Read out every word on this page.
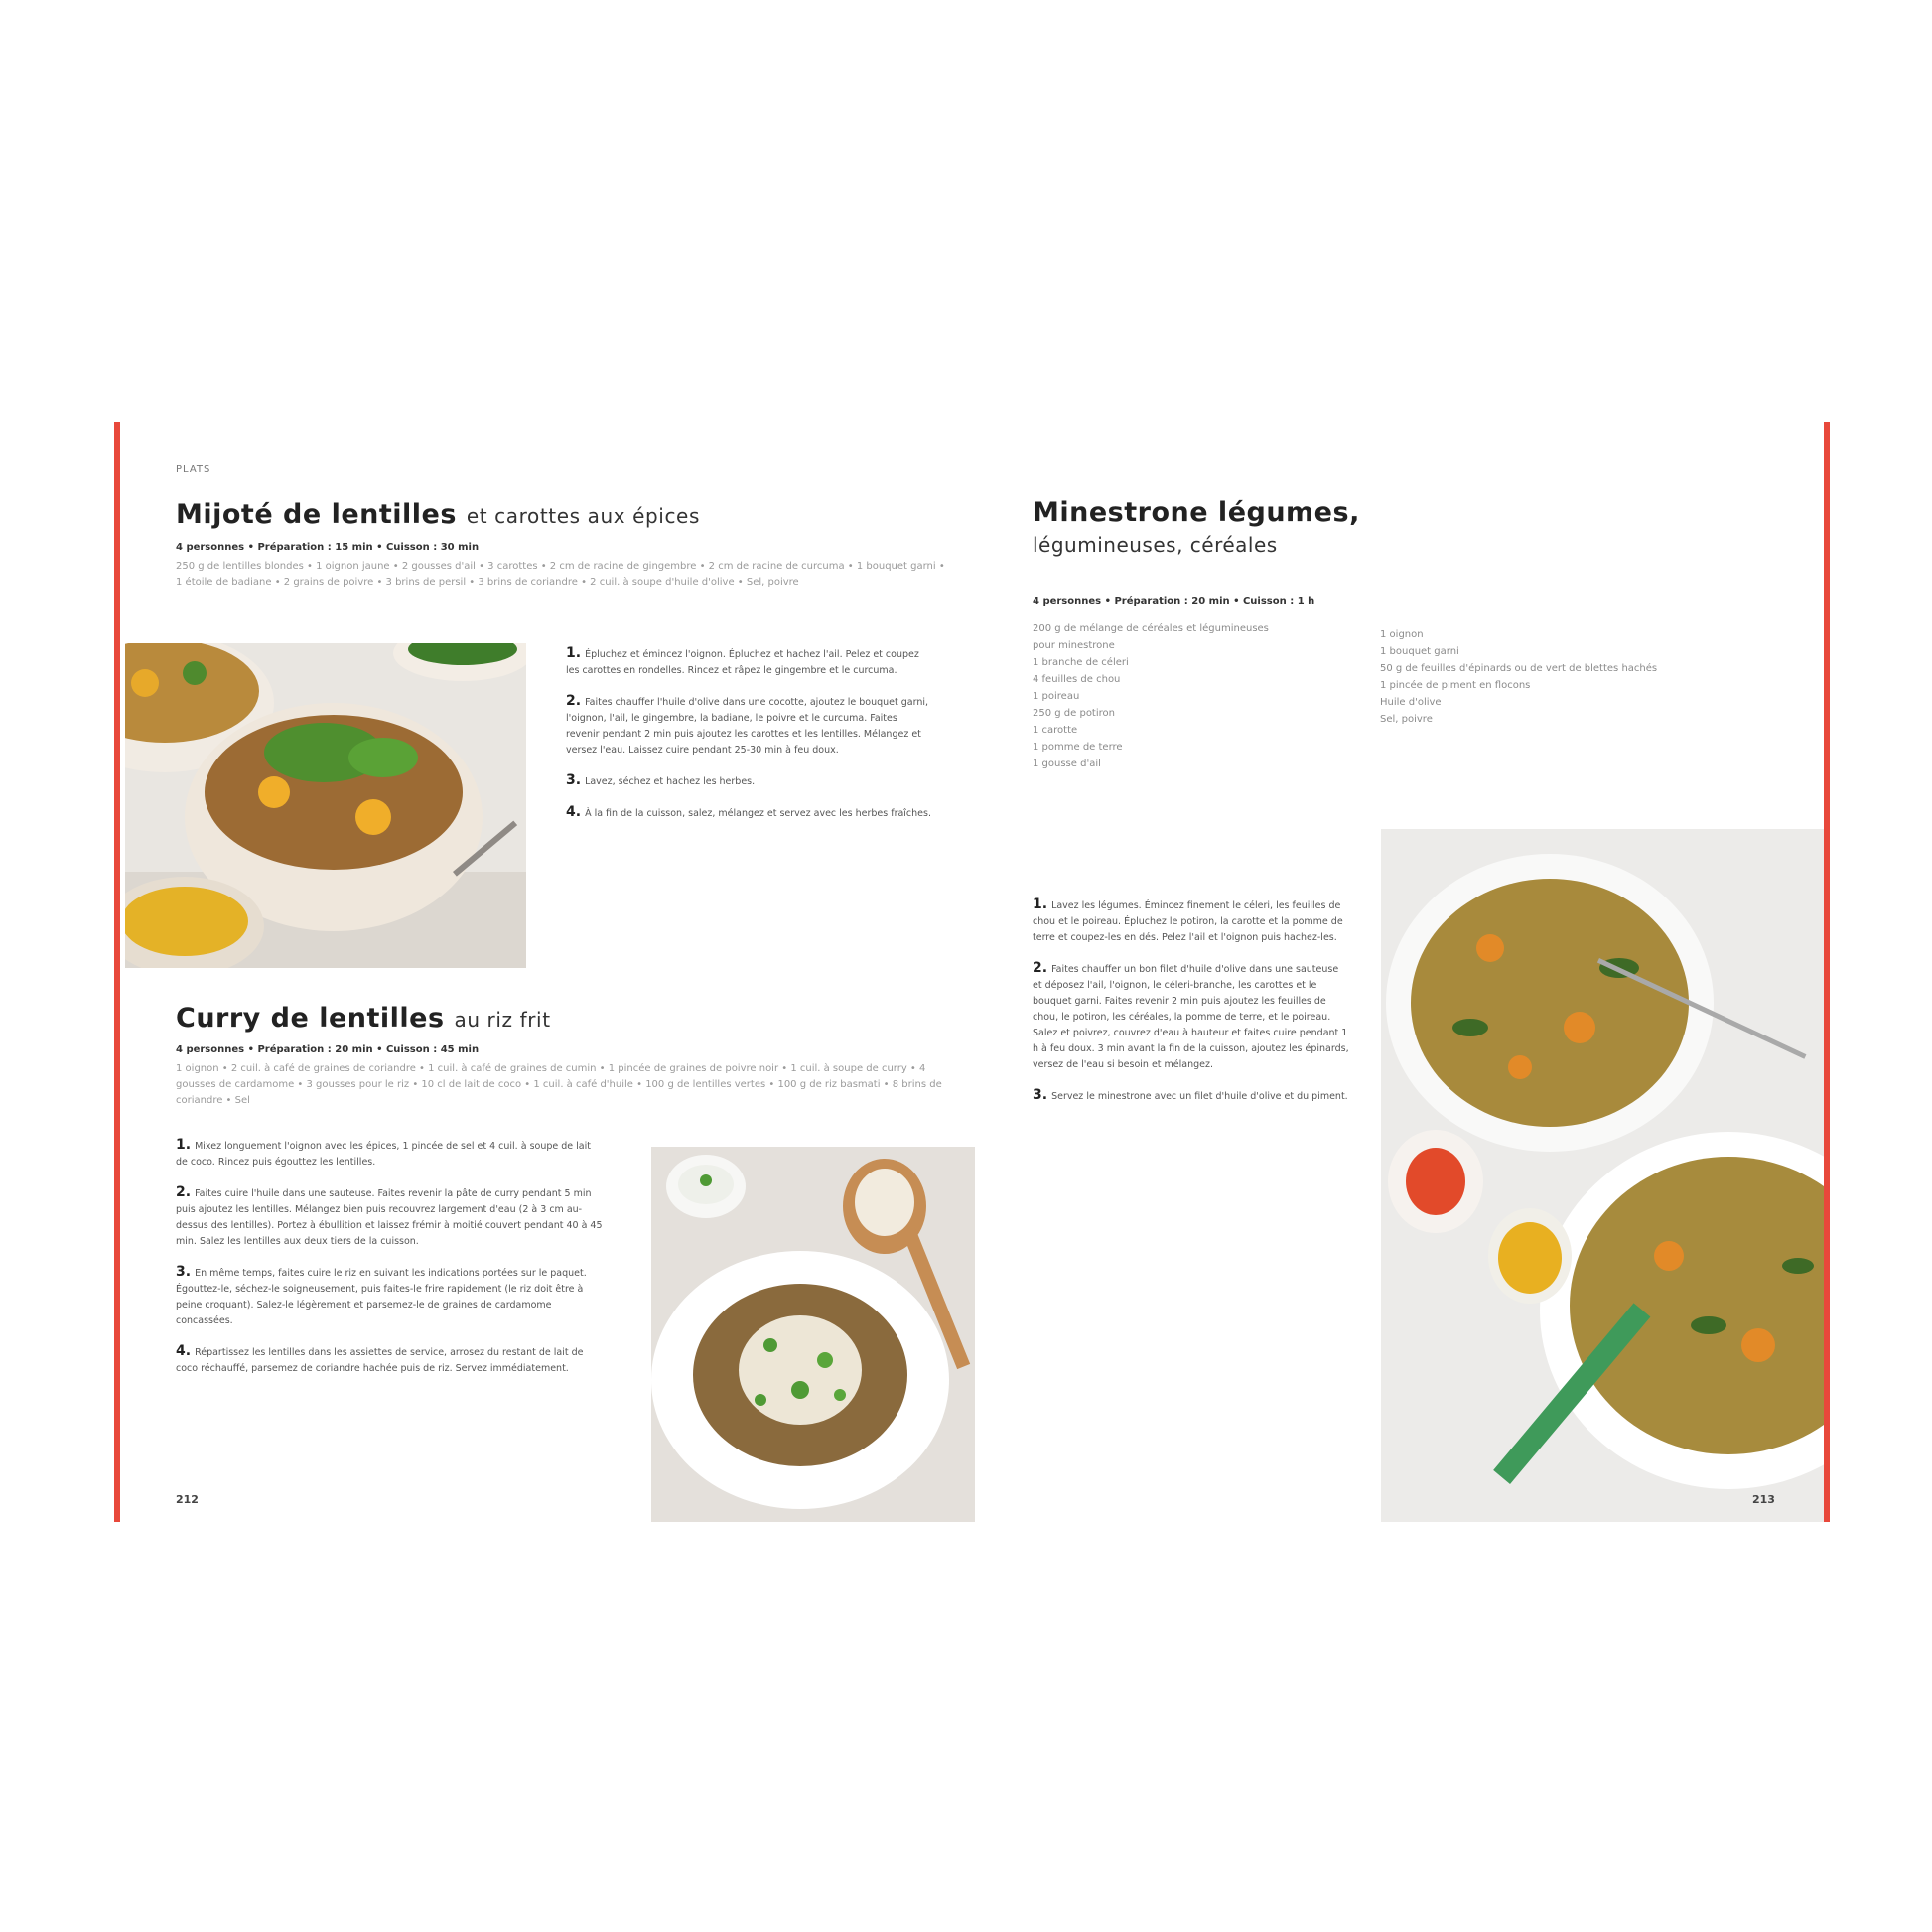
PLATS
Mijoté de lentilles et carottes aux épices
4 personnes • Préparation : 15 min • Cuisson : 30 min
250 g de lentilles blondes • 1 oignon jaune • 2 gousses d'ail • 3 carottes • 2 cm de racine de gingembre • 2 cm de racine de curcuma • 1 bouquet garni • 1 étoile de badiane • 2 grains de poivre • 3 brins de persil • 3 brins de coriandre • 2 cuil. à soupe d'huile d'olive • Sel, poivre

1. Épluchez et émincez l'oignon. Épluchez et hachez l'ail. Pelez et coupez les carottes en rondelles. Rincez et râpez le gingembre et le curcuma.

2. Faites chauffer l'huile d'olive dans une cocotte, ajoutez le bouquet garni, l'oignon, l'ail, le gingembre, la badiane, le poivre et le curcuma. Faites revenir pendant 2 min puis ajoutez les carottes et les lentilles. Mélangez et versez l'eau. Laissez cuire pendant 25-30 min à feu doux.

3. Lavez, séchez et hachez les herbes.

4. À la fin de la cuisson, salez, mélangez et servez avec les herbes fraîches.

Curry de lentilles au riz frit
4 personnes • Préparation : 20 min • Cuisson : 45 min
1 oignon • 2 cuil. à café de graines de coriandre • 1 cuil. à café de graines de cumin • 1 pincée de graines de poivre noir • 1 cuil. à soupe de curry • 4 gousses de cardamome • 3 gousses pour le riz • 10 cl de lait de coco • 1 cuil. à café d'huile • 100 g de lentilles vertes • 100 g de riz basmati • 8 brins de coriandre • Sel

1. Mixez longuement l'oignon avec les épices, 1 pincée de sel et 4 cuil. à soupe de lait de coco. Rincez puis égouttez les lentilles.

2. Faites cuire l'huile dans une sauteuse. Faites revenir la pâte de curry pendant 5 min puis ajoutez les lentilles. Mélangez bien puis recouvrez largement d'eau (2 à 3 cm au-dessus des lentilles). Portez à ébullition et laissez frémir à moitié couvert pendant 40 à 45 min. Salez les lentilles aux deux tiers de la cuisson.

3. En même temps, faites cuire le riz en suivant les indications portées sur le paquet. Égouttez-le, séchez-le soigneusement, puis faites-le frire rapidement (le riz doit être à peine croquant). Salez-le légèrement et parsemez-le de graines de cardamome concassées.

4. Répartissez les lentilles dans les assiettes de service, arrosez du restant de lait de coco réchauffé, parsemez de coriandre hachée puis de riz. Servez immédiatement.

212
Minestrone légumes,
légumineuses, céréales
4 personnes • Préparation : 20 min • Cuisson : 1 h
200 g de mélange de céréales et légumineuses
pour minestrone
1 branche de céleri
4 feuilles de chou
1 poireau
250 g de potiron
1 carotte
1 pomme de terre
1 gousse d'ail
1 oignon
1 bouquet garni
50 g de feuilles d'épinards ou de vert de blettes hachés
1 pincée de piment en flocons
Huile d'olive
Sel, poivre

1. Lavez les légumes. Émincez finement le céleri, les feuilles de chou et le poireau. Épluchez le potiron, la carotte et la pomme de terre et coupez-les en dés. Pelez l'ail et l'oignon puis hachez-les.

2. Faites chauffer un bon filet d'huile d'olive dans une sauteuse et déposez l'ail, l'oignon, le céleri-branche, les carottes et le bouquet garni. Faites revenir 2 min puis ajoutez les feuilles de chou, le potiron, les céréales, la pomme de terre, et le poireau. Salez et poivrez, couvrez d'eau à hauteur et faites cuire pendant 1 h à feu doux. 3 min avant la fin de la cuisson, ajoutez les épinards, versez de l'eau si besoin et mélangez.

3. Servez le minestrone avec un filet d'huile d'olive et du piment.

213
